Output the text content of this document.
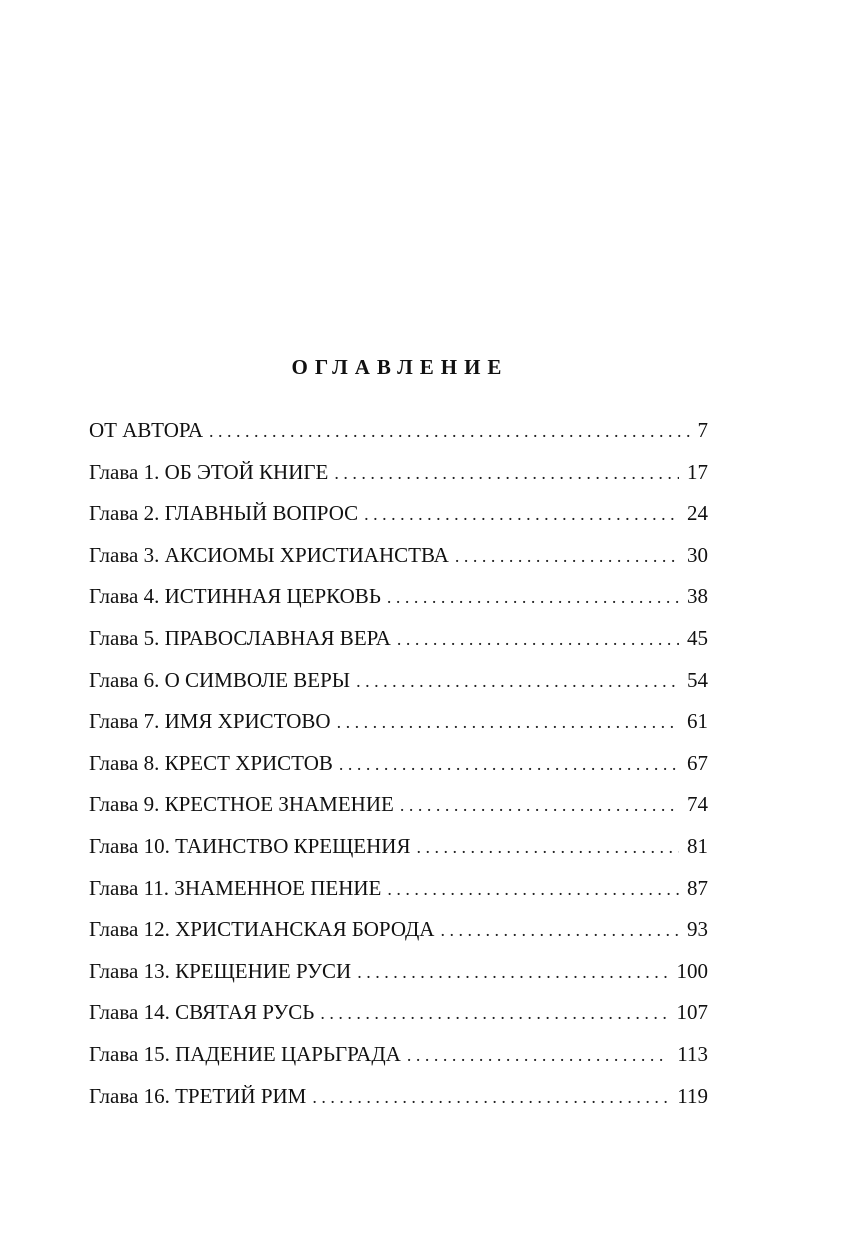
ОГЛАВЛЕНИЕ
ОТ АВТОРА . . .	7
Глава 1. ОБ ЭТОЙ КНИГЕ . . .	17
Глава 2. ГЛАВНЫЙ ВОПРОС . . .	24
Глава 3. АКСИОМЫ ХРИСТИАНСТВА . . .	30
Глава 4. ИСТИННАЯ ЦЕРКОВЬ . . .	38
Глава 5. ПРАВОСЛАВНАЯ ВЕРА . . .	45
Глава 6. О СИМВОЛЕ ВЕРЫ . . .	54
Глава 7. ИМЯ ХРИСТОВО . . .	61
Глава 8. КРЕСТ ХРИСТОВ . . .	67
Глава 9. КРЕСТНОЕ ЗНАМЕНИЕ . . .	74
Глава 10. ТАИНСТВО КРЕЩЕНИЯ . . .	81
Глава 11. ЗНАМЕННОЕ ПЕНИЕ . . .	87
Глава 12. ХРИСТИАНСКАЯ БОРОДА . . .	93
Глава 13. КРЕЩЕНИЕ РУСИ . . .	100
Глава 14. СВЯТАЯ РУСЬ . . .	107
Глава 15. ПАДЕНИЕ ЦАРЬГРАДА . . .	113
Глава 16. ТРЕТИЙ РИМ . . .	119
